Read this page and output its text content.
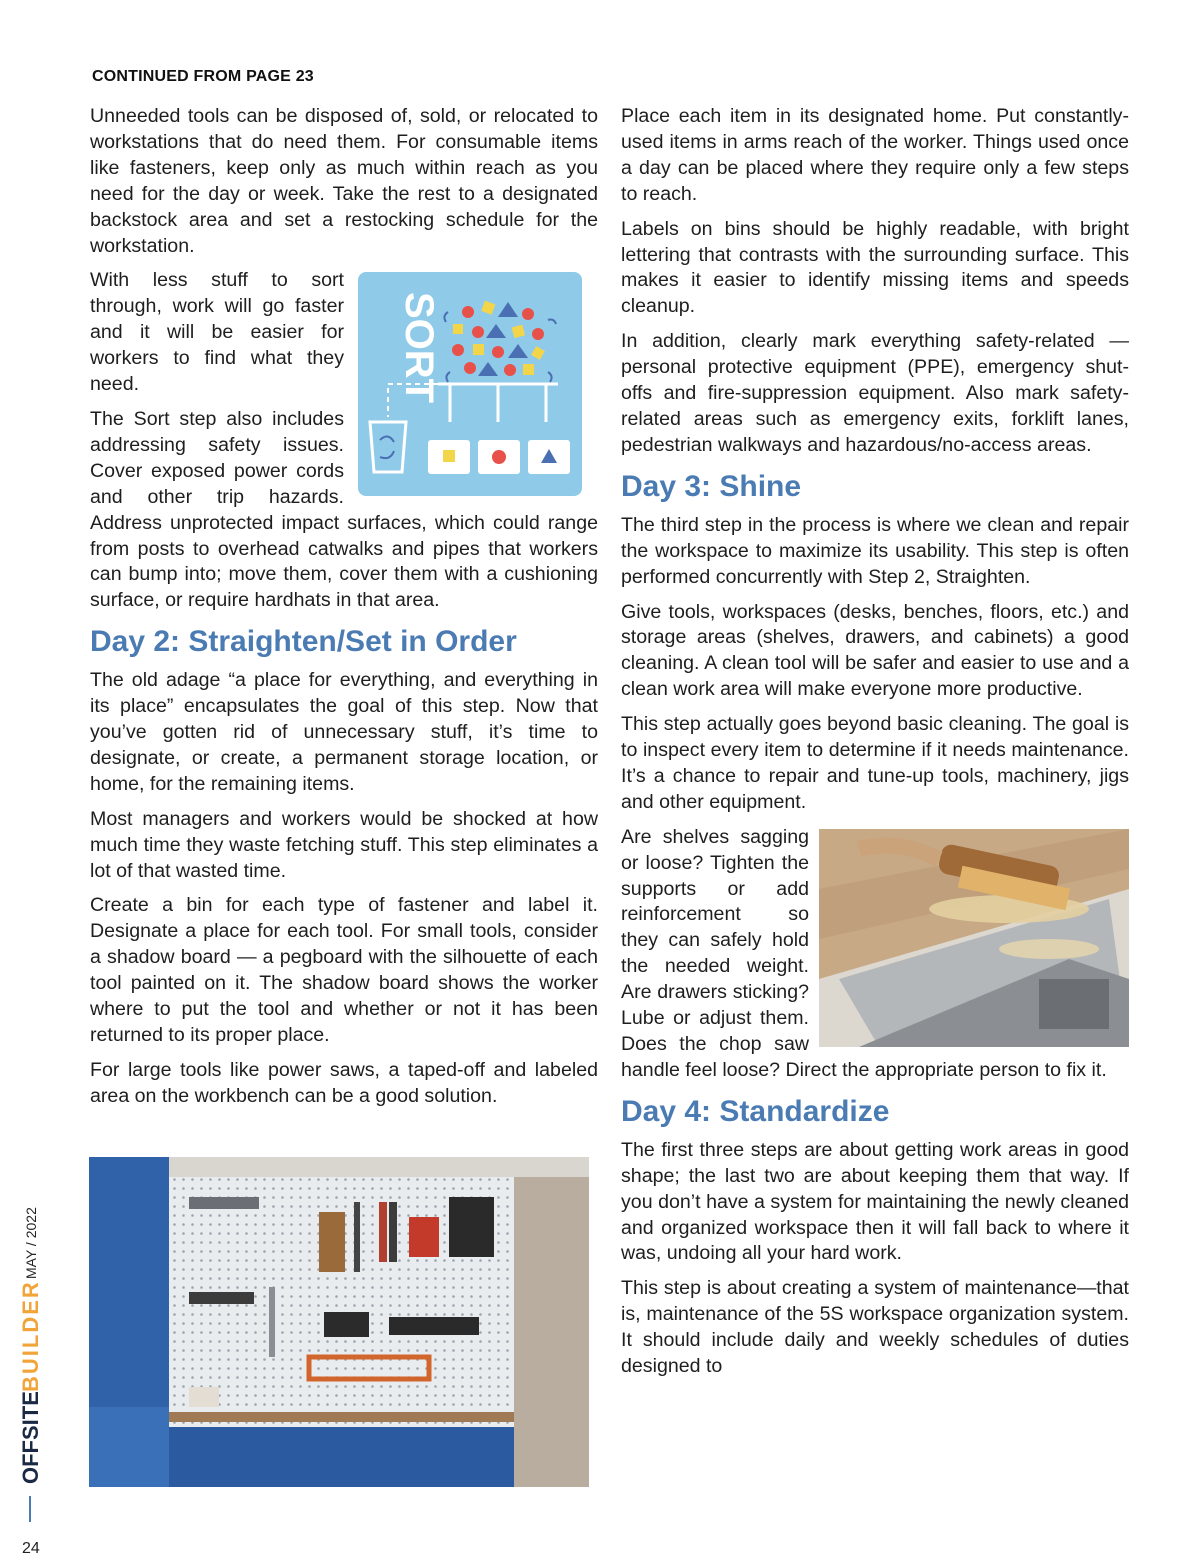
CONTINUED FROM PAGE 23

Unneeded tools can be disposed of, sold, or relocated to workstations that do need them. For consumable items like fasteners, keep only as much within reach as you need for the day or week. Take the rest to a designated backstock area and set a restocking schedule for the workstation.

SORT
With less stuff to sort through, work will go faster and it will be easier for workers to find what they need.

The Sort step also includes addressing safety issues. Cover exposed power cords and other trip hazards. Address unprotected impact surfaces, which could range from posts to overhead catwalks and pipes that workers can bump into; move them, cover them with a cushioning surface, or require hardhats in that area.

Day 2: Straighten/Set in Order

The old adage “a place for everything, and everything in its place” encapsulates the goal of this step. Now that you’ve gotten rid of unnecessary stuff, it’s time to designate, or create, a permanent storage location, or home, for the remaining items.

Most managers and workers would be shocked at how much time they waste fetching stuff. This step eliminates a lot of that wasted time.

Create a bin for each type of fastener and label it. Designate a place for each tool. For small tools, consider a shadow board — a pegboard with the silhouette of each tool painted on it. The shadow board shows the worker where to put the tool and whether or not it has been returned to its proper place.

For large tools like power saws, a taped-off and labeled area on the workbench can be a good solution.

Place each item in its designated home. Put constantly-used items in arms reach of the worker. Things used once a day can be placed where they require only a few steps to reach.

Labels on bins should be highly readable, with bright lettering that contrasts with the surrounding surface. This makes it easier to identify missing items and speeds cleanup.

In addition, clearly mark everything safety-related —personal protective equipment (PPE), emergency shut-offs and fire-suppression equipment. Also mark safety-related areas such as emergency exits, forklift lanes, pedestrian walkways and hazardous/no-access areas.

Day 3: Shine

The third step in the process is where we clean and repair the workspace to maximize its usability. This step is often performed concurrently with Step 2, Straighten.

Give tools, workspaces (desks, benches, floors, etc.) and storage areas (shelves, drawers, and cabinets) a good cleaning. A clean tool will be safer and easier to use and a clean work area will make everyone more productive.

This step actually goes beyond basic cleaning. The goal is to inspect every item to determine if it needs maintenance. It’s a chance to repair and tune-up tools, machinery, jigs and other equipment.

Are shelves sagging or loose? Tighten the supports or add reinforcement so they can safely hold the needed weight. Are drawers sticking? Lube or adjust them. Does the chop saw handle feel loose? Direct the appropriate person to fix it.

Day 4: Standardize

The first three steps are about getting work areas in good shape; the last two are about keeping them that way. If you don’t have a system for maintaining the newly cleaned and organized workspace then it will fall back to where it was, undoing all your hard work.

This step is about creating a system of maintenance—that is, maintenance of the 5S workspace organization system. It should include daily and weekly schedules of duties designed to

OFFSITE
BUILDER
MAY / 2022
24
